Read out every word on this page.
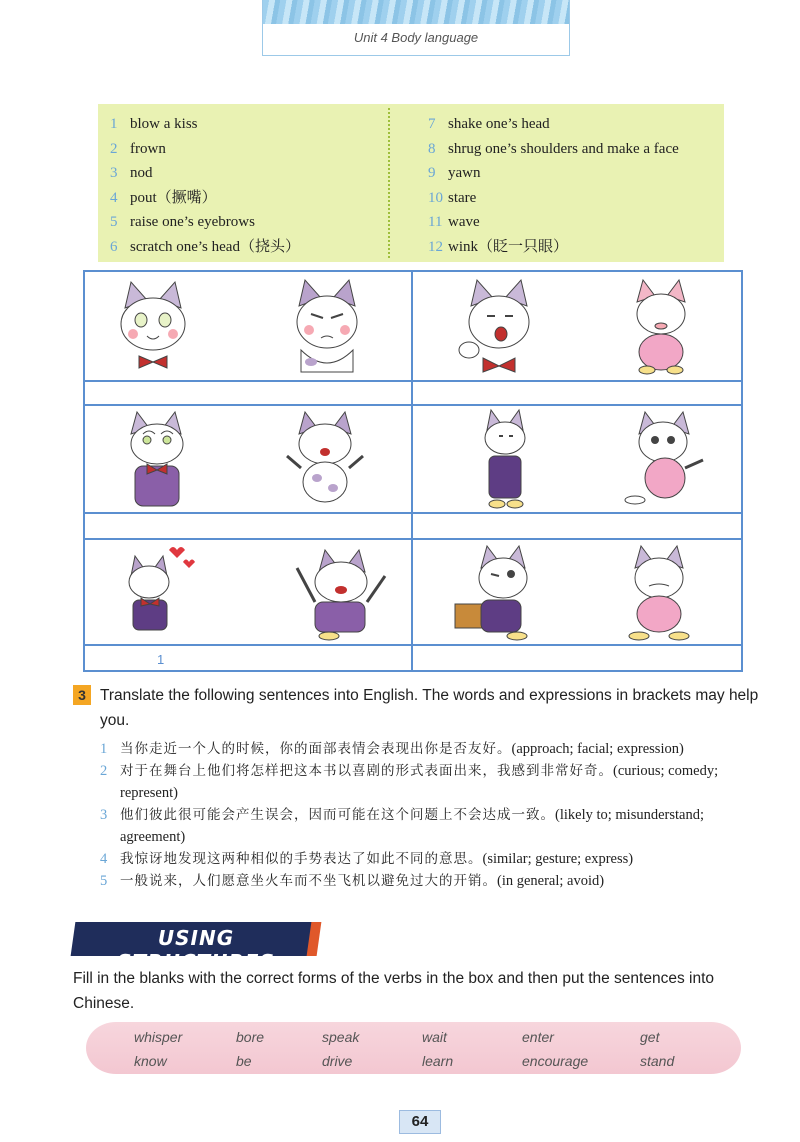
Unit 4 Body language
1 blow a kiss
2 frown
3 nod
4 pout（撅嘴）
5 raise one’s eyebrows
6 scratch one’s head（挠头）
7 shake one’s head
8 shrug one’s shoulders and make a face
9 yawn
10 stare
11 wave
12 wink（眨一只眼）
1
3 Translate the following sentences into English. The words and expressions in brackets may help you.
1 当你走近一个人的时候，你的面部表情会表现出你是否友好。(approach; facial; expression)
2 对于在舞台上他们将怎样把这本书以喜剧的形式表面出来，我感到非常好奇。(curious; comedy; represent)
3 他们彼此很可能会产生误会，因而可能在这个问题上不会达成一致。(likely to; misunderstand; agreement)
4 我惊讶地发现这两种相似的手势表达了如此不同的意思。(similar; gesture; express)
5 一般说来，人们愿意坐火车而不坐飞机以避免过大的开销。(in general; avoid)
USING STRUCTURES
Fill in the blanks with the correct forms of the verbs in the box and then put the sentences into Chinese.
whisper	bore	speak	wait	enter	get
know	be	drive	learn	encourage	stand
64
